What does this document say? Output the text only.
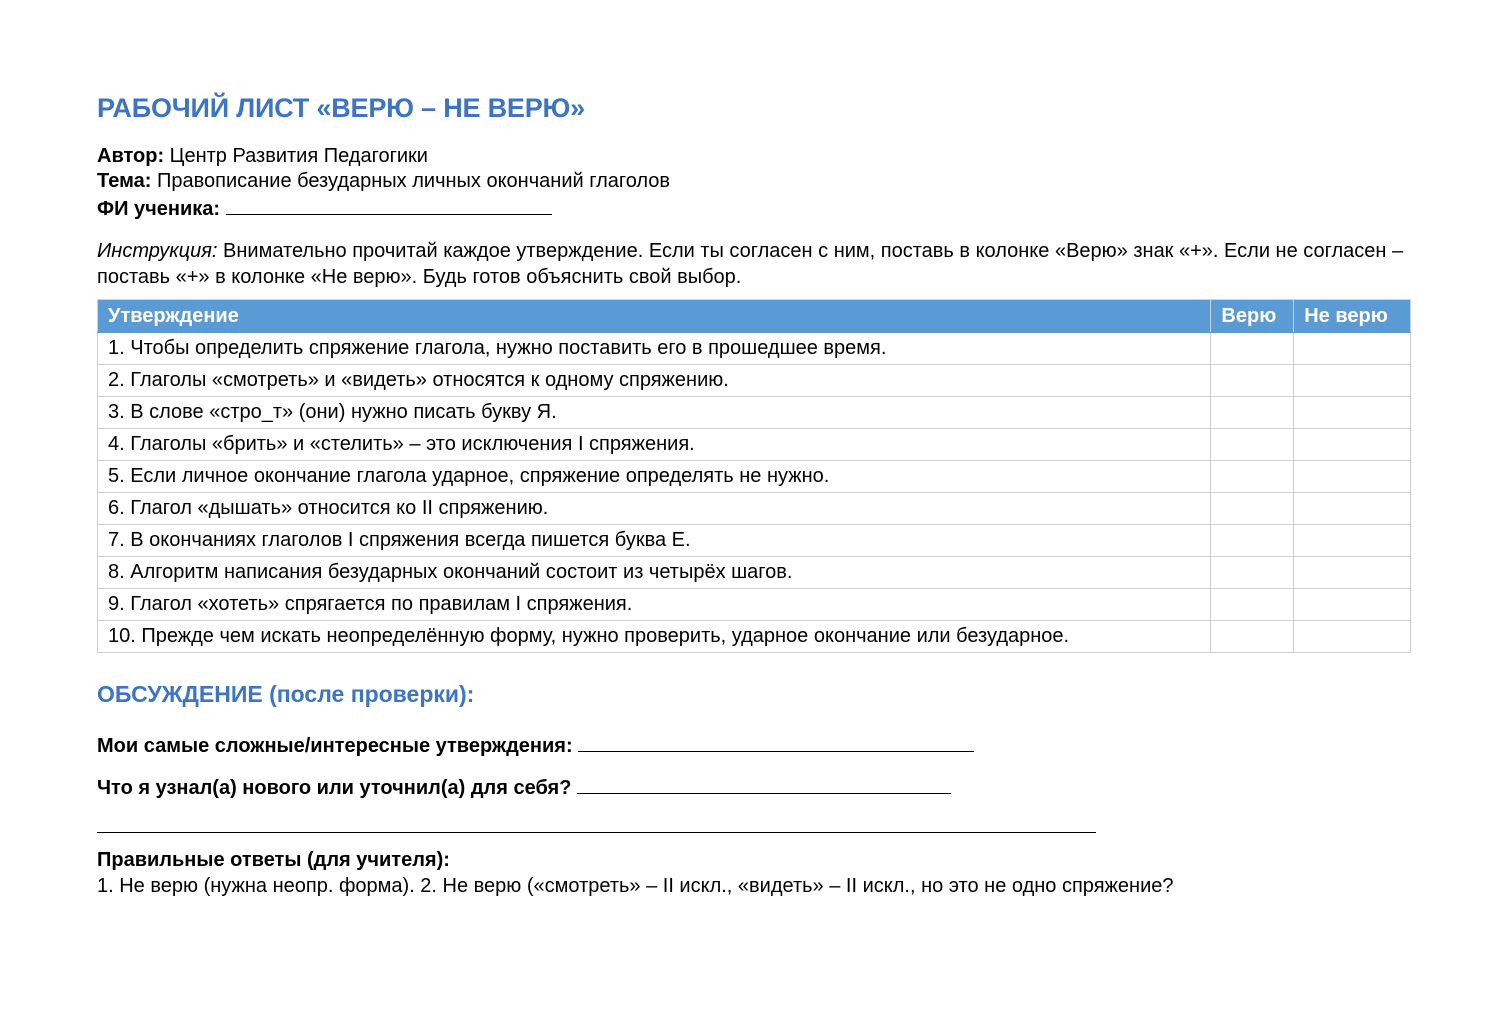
РАБОЧИЙ ЛИСТ «ВЕРЮ – НЕ ВЕРЮ»
Автор: Центр Развития Педагогики
Тема: Правописание безударных личных окончаний глаголов
ФИ ученика:
Инструкция: Внимательно прочитай каждое утверждение. Если ты согласен с ним, поставь в колонке «Верю» знак «+». Если не согласен – поставь «+» в колонке «Не верю». Будь готов объяснить свой выбор.
Утверждение	Верю	Не верю
1. Чтобы определить спряжение глагола, нужно поставить его в прошедшее время.		
2. Глаголы «смотреть» и «видеть» относятся к одному спряжению.		
3. В слове «стро_т» (они) нужно писать букву Я.		
4. Глаголы «брить» и «стелить» – это исключения I спряжения.		
5. Если личное окончание глагола ударное, спряжение определять не нужно.		
6. Глагол «дышать» относится ко II спряжению.		
7. В окончаниях глаголов I спряжения всегда пишется буква Е.		
8. Алгоритм написания безударных окончаний состоит из четырёх шагов.		
9. Глагол «хотеть» спрягается по правилам I спряжения.		
10. Прежде чем искать неопределённую форму, нужно проверить, ударное окончание или безударное.		
ОБСУЖДЕНИЕ (после проверки):
Мои самые сложные/интересные утверждения:
Что я узнал(а) нового или уточнил(а) для себя?
Правильные ответы (для учителя):
1. Не верю (нужна неопр. форма). 2. Не верю («смотреть» – II искл., «видеть» – II искл., но это не одно спряжение?
